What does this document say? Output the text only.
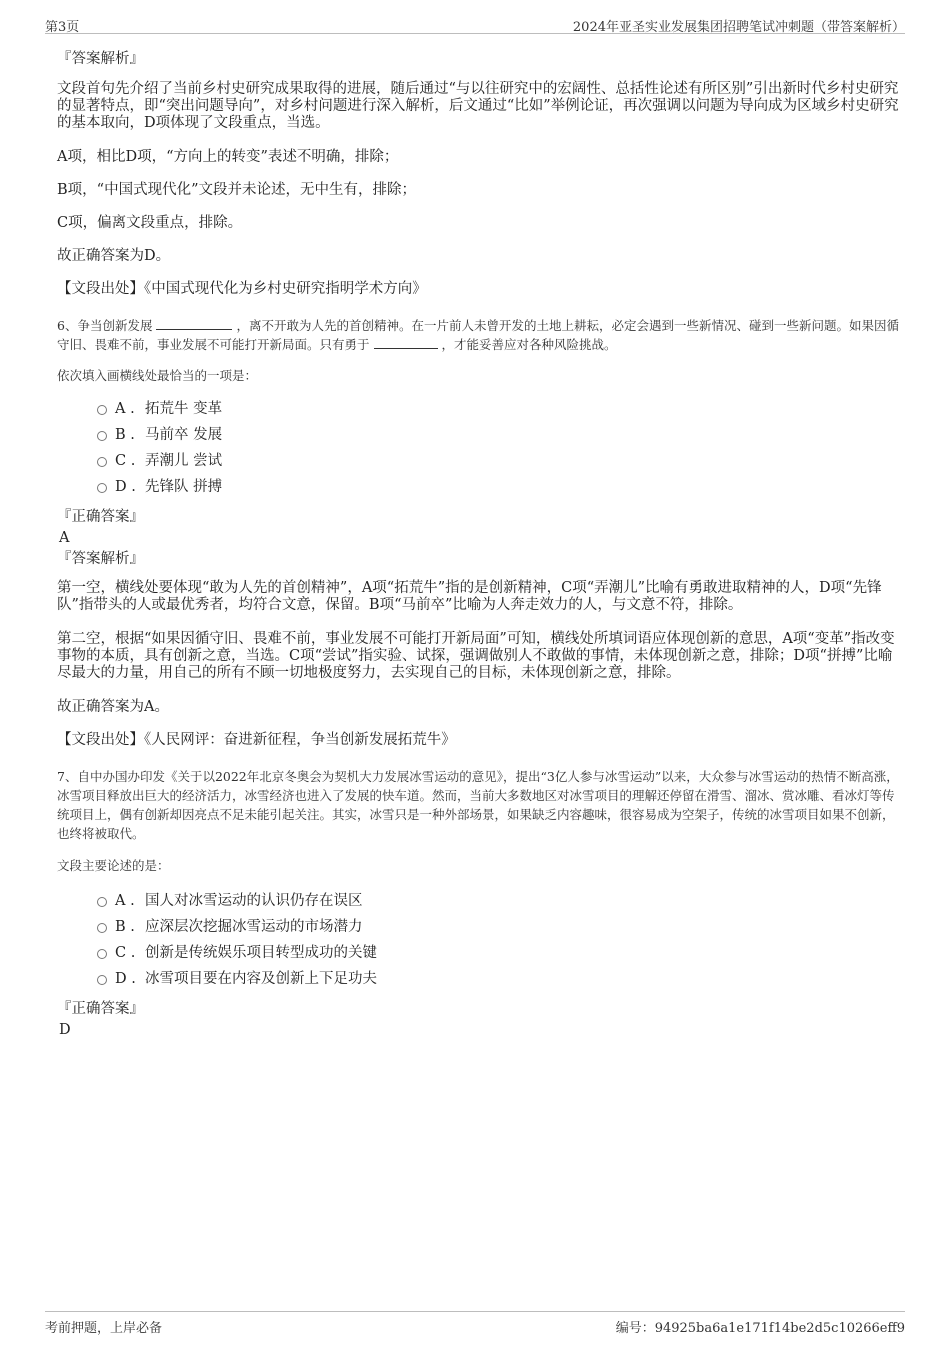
第3页	2024年亚圣实业发展集团招聘笔试冲刺题（带答案解析）

『答案解析』

文段首句先介绍了当前乡村史研究成果取得的进展，随后通过“与以往研究中的宏阔性、总括性论述有所区别”引出新时代乡村史研究的显著特点，即“突出问题导向”，对乡村问题进行深入解析，后文通过“比如”举例论证，再次强调以问题为导向成为区域乡村史研究的基本取向，D项体现了文段重点，当选。

A项，相比D项，“方向上的转变”表述不明确，排除；

B项，“中国式现代化”文段并未论述，无中生有，排除；

C项，偏离文段重点，排除。

故正确答案为D。

【文段出处】《中国式现代化为乡村史研究指明学术方向》

6、争当创新发展	，离不开敢为人先的首创精神。在一片前人未曾开发的土地上耕耘，必定会遇到一些新情况、碰到一些新问题。如果因循守旧、畏难不前，事业发展不可能打开新局面。只有勇于	，才能妥善应对各种风险挑战。

依次填入画横线处最恰当的一项是：

A . 拓荒牛 变革
B . 马前卒 发展
C . 弄潮儿 尝试
D . 先锋队 拼搏

『正确答案』

A

『答案解析』

第一空，横线处要体现“敢为人先的首创精神”，A项“拓荒牛”指的是创新精神，C项“弄潮儿”比喻有勇敢进取精神的人，D项“先锋队”指带头的人或最优秀者，均符合文意，保留。B项“马前卒”比喻为人奔走效力的人，与文意不符，排除。

第二空，根据“如果因循守旧、畏难不前，事业发展不可能打开新局面”可知，横线处所填词语应体现创新的意思，A项“变革”指改变事物的本质，具有创新之意，当选。C项“尝试”指实验、试探，强调做别人不敢做的事情，未体现创新之意，排除；D项“拼搏”比喻尽最大的力量，用自己的所有不顾一切地极度努力，去实现自己的目标，未体现创新之意，排除。

故正确答案为A。

【文段出处】《人民网评：奋进新征程，争当创新发展拓荒牛》

7、自中办国办印发《关于以2022年北京冬奥会为契机大力发展冰雪运动的意见》，提出“3亿人参与冰雪运动”以来，大众参与冰雪运动的热情不断高涨，冰雪项目释放出巨大的经济活力，冰雪经济也进入了发展的快车道。然而，当前大多数地区对冰雪项目的理解还停留在滑雪、溜冰、赏冰雕、看冰灯等传统项目上，偶有创新却因亮点不足未能引起关注。其实，冰雪只是一种外部场景，如果缺乏内容趣味，很容易成为空架子，传统的冰雪项目如果不创新，也终将被取代。

文段主要论述的是：

A . 国人对冰雪运动的认识仍存在误区
B . 应深层次挖掘冰雪运动的市场潜力
C . 创新是传统娱乐项目转型成功的关键
D . 冰雪项目要在内容及创新上下足功夫

『正确答案』

D

考前押题，上岸必备	编号：94925ba6a1e171f14be2d5c10266eff9
